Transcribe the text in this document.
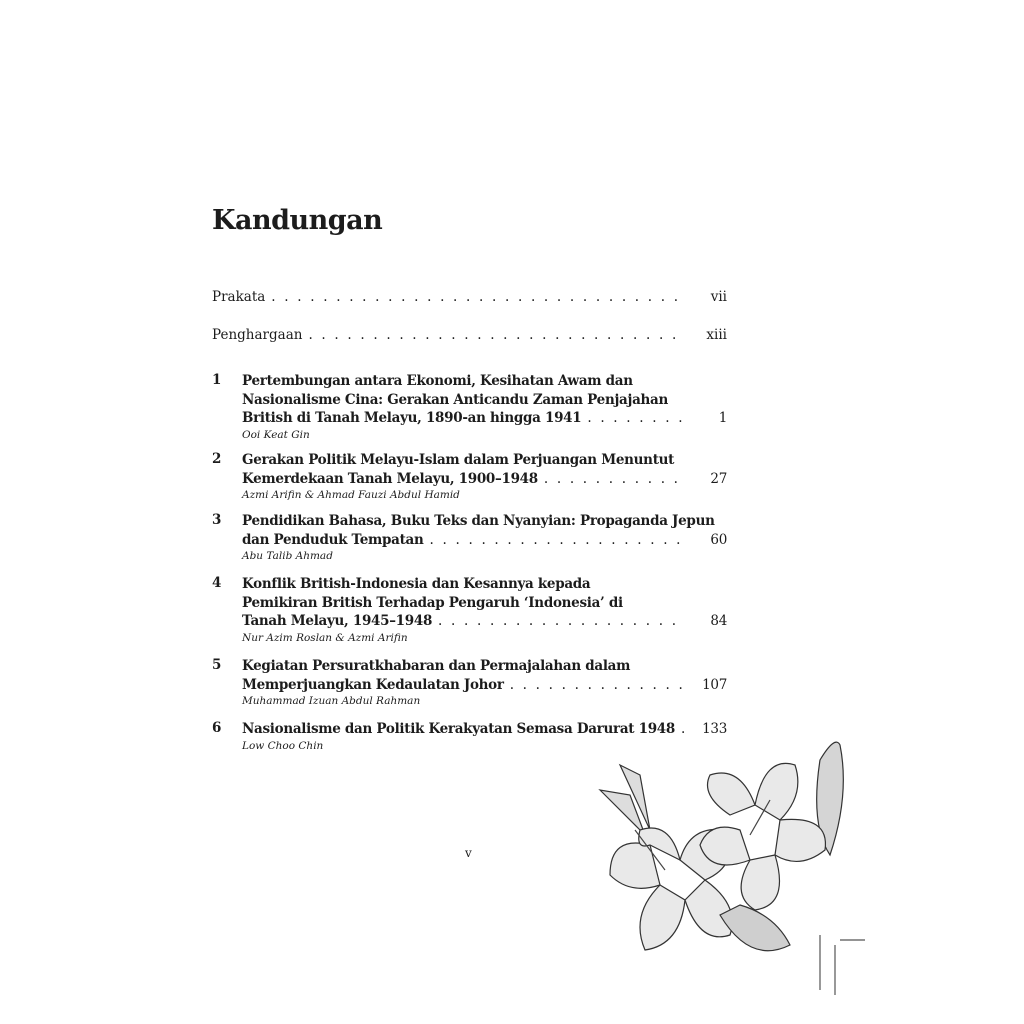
Kandungan
Prakata . . .	vii
Penghargaan . . .	xiii
1 Pertembungan antara Ekonomi, Kesihatan Awam dan
Nasionalisme Cina: Gerakan Anticandu Zaman Penjajahan
British di Tanah Melayu, 1890-an hingga 1941 . . .	1
Ooi Keat Gin
2 Gerakan Politik Melayu-Islam dalam Perjuangan Menuntut
Kemerdekaan Tanah Melayu, 1900–1948 . . .	27
Azmi Arifin & Ahmad Fauzi Abdul Hamid
3 Pendidikan Bahasa, Buku Teks dan Nyanyian: Propaganda Jepun
dan Penduduk Tempatan . . .	60
Abu Talib Ahmad
4 Konflik British-Indonesia dan Kesannya kepada
Pemikiran British Terhadap Pengaruh ‘Indonesia’ di
Tanah Melayu, 1945–1948 . . .	84
Nur Azim Roslan & Azmi Arifin
5 Kegiatan Persuratkhabaran dan Permajalahan dalam
Memperjuangkan Kedaulatan Johor . . .	107
Muhammad Izuan Abdul Rahman
6 Nasionalisme dan Politik Kerakyatan Semasa Darurat 1948 . . .	133
Low Choo Chin
v
